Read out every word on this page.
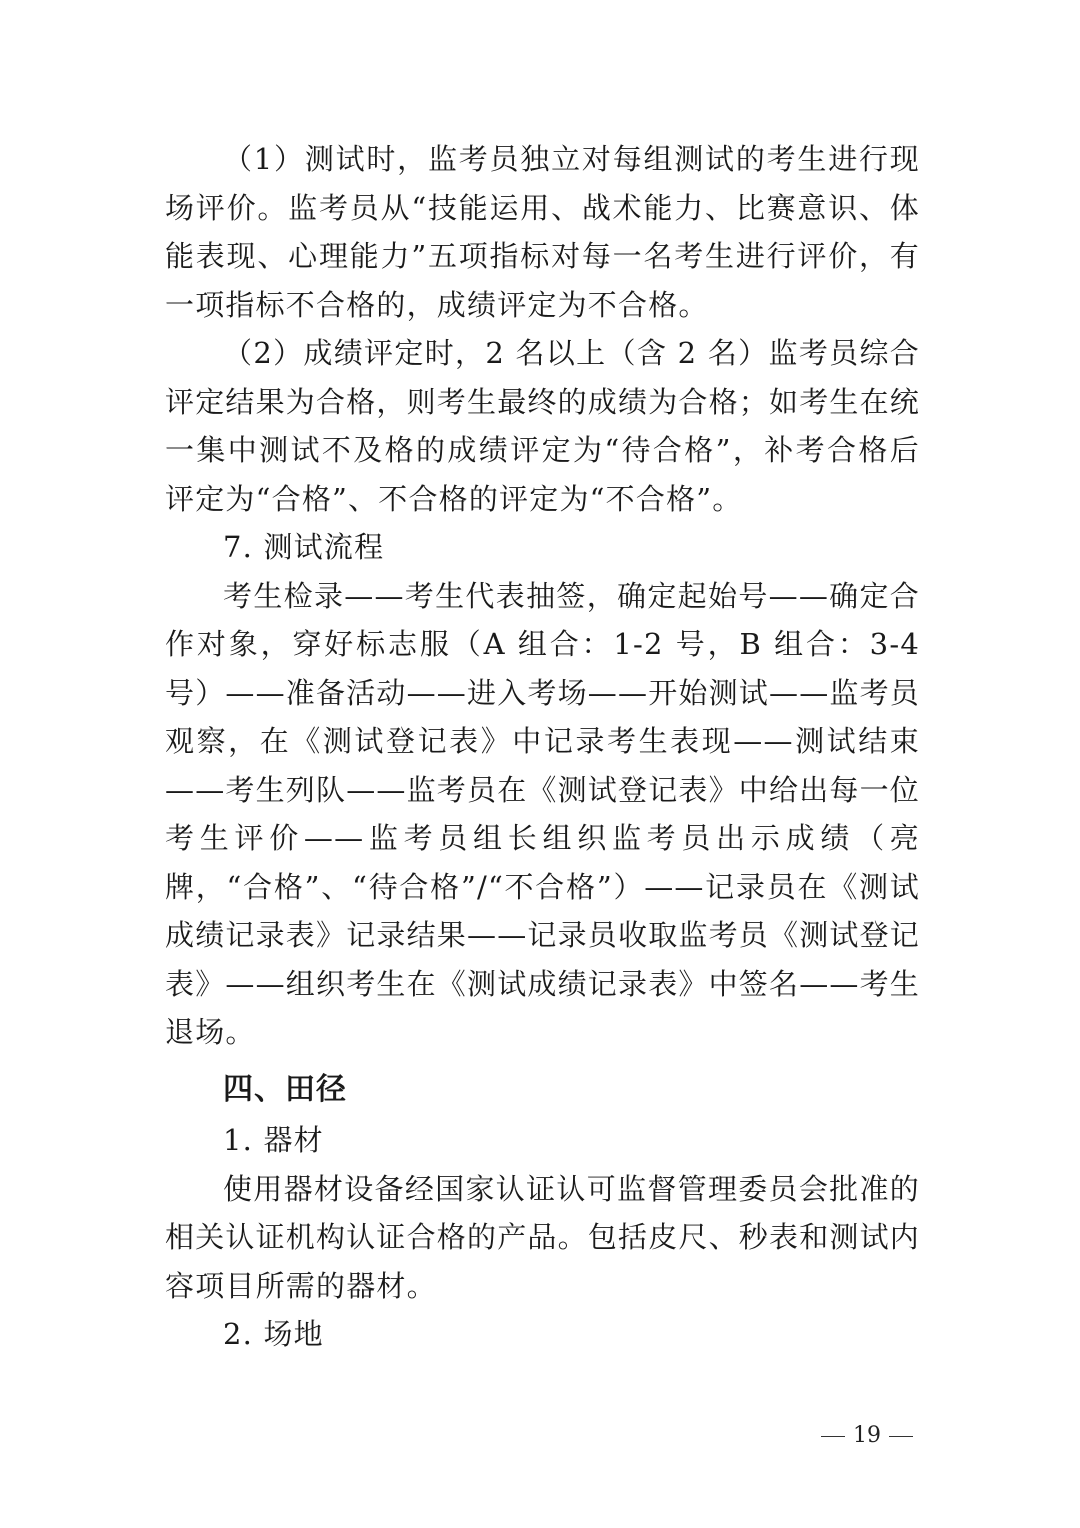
（1）测试时，监考员独立对每组测试的考生进行现场评价。监考员从“技能运用、战术能力、比赛意识、体能表现、心理能力”五项指标对每一名考生进行评价，有一项指标不合格的，成绩评定为不合格。

（2）成绩评定时，2 名以上（含 2 名）监考员综合评定结果为合格，则考生最终的成绩为合格；如考生在统一集中测试不及格的成绩评定为“待合格”，补考合格后评定为“合格”、不合格的评定为“不合格”。

7. 测试流程

考生检录——考生代表抽签，确定起始号——确定合作对象，穿好标志服（A 组合：1-2 号，B 组合：3-4 号）——准备活动——进入考场——开始测试——监考员观察，在《测试登记表》中记录考生表现——测试结束——考生列队——监考员在《测试登记表》中给出每一位考生评价——监考员组长组织监考员出示成绩（亮牌，“合格”、“待合格”/“不合格”）——记录员在《测试成绩记录表》记录结果——记录员收取监考员《测试登记表》——组织考生在《测试成绩记录表》中签名——考生退场。

四、田径

1. 器材

使用器材设备经国家认证认可监督管理委员会批准的相关认证机构认证合格的产品。包括皮尺、秒表和测试内容项目所需的器材。

2. 场地

19
